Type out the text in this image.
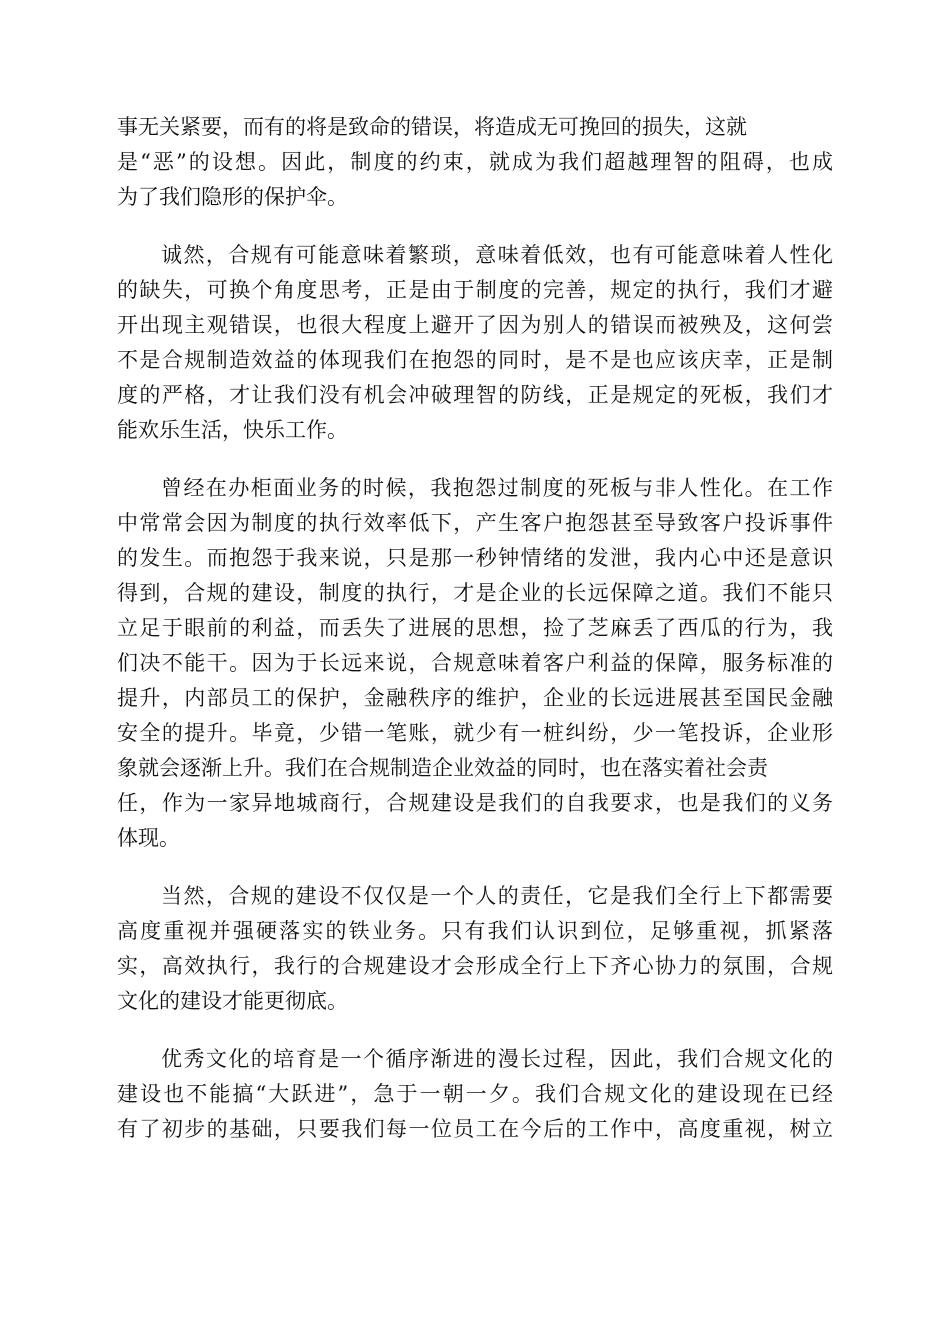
事无关紧要，而有的将是致命的错误，将造成无可挽回的损失，这就
是“恶”的设想。因此，制度的约束，就成为我们超越理智的阻碍，也成
为了我们隐形的保护伞。
诚然，合规有可能意味着繁琐，意味着低效，也有可能意味着人性化
的缺失，可换个角度思考，正是由于制度的完善，规定的执行，我们才避
开出现主观错误，也很大程度上避开了因为别人的错误而被殃及，这何尝
不是合规制造效益的体现我们在抱怨的同时，是不是也应该庆幸，正是制
度的严格，才让我们没有机会冲破理智的防线，正是规定的死板，我们才
能欢乐生活，快乐工作。
曾经在办柜面业务的时候，我抱怨过制度的死板与非人性化。在工作
中常常会因为制度的执行效率低下，产生客户抱怨甚至导致客户投诉事件
的发生。而抱怨于我来说，只是那一秒钟情绪的发泄，我内心中还是意识
得到，合规的建设，制度的执行，才是企业的长远保障之道。我们不能只
立足于眼前的利益，而丢失了进展的思想，捡了芝麻丢了西瓜的行为，我
们决不能干。因为于长远来说，合规意味着客户利益的保障，服务标准的
提升，内部员工的保护，金融秩序的维护，企业的长远进展甚至国民金融
安全的提升。毕竟，少错一笔账，就少有一桩纠纷，少一笔投诉，企业形
象就会逐渐上升。我们在合规制造企业效益的同时，也在落实着社会责
任，作为一家异地城商行，合规建设是我们的自我要求，也是我们的义务
体现。
当然，合规的建设不仅仅是一个人的责任，它是我们全行上下都需要
高度重视并强硬落实的铁业务。只有我们认识到位，足够重视，抓紧落
实，高效执行，我行的合规建设才会形成全行上下齐心协力的氛围，合规
文化的建设才能更彻底。
优秀文化的培育是一个循序渐进的漫长过程，因此，我们合规文化的
建设也不能搞“大跃进”，急于一朝一夕。我们合规文化的建设现在已经
有了初步的基础，只要我们每一位员工在今后的工作中，高度重视，树立
